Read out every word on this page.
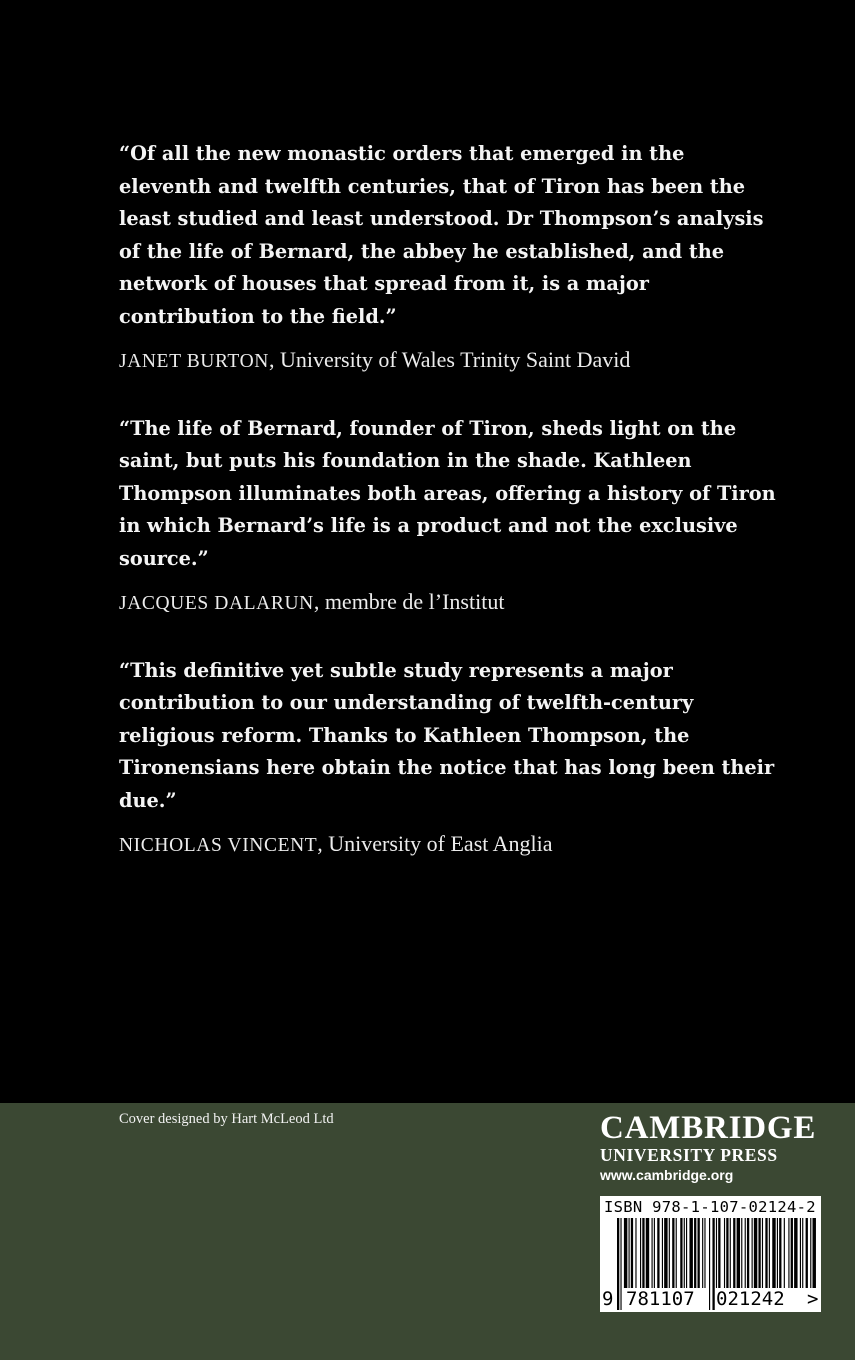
“Of all the new monastic orders that emerged in the eleventh and twelfth centuries, that of Tiron has been the least studied and least understood. Dr Thompson’s analysis of the life of Bernard, the abbey he established, and the network of houses that spread from it, is a major contribution to the field.”

JANET BURTON, University of Wales Trinity Saint David

“The life of Bernard, founder of Tiron, sheds light on the saint, but puts his foundation in the shade. Kathleen Thompson illuminates both areas, offering a history of Tiron in which Bernard’s life is a product and not the exclusive source.”

JACQUES DALARUN, membre de l’Institut

“This definitive yet subtle study represents a major contribution to our understanding of twelfth-century religious reform. Thanks to Kathleen Thompson, the Tironensians here obtain the notice that has long been their due.”

NICHOLAS VINCENT, University of East Anglia

Cover designed by Hart McLeod Ltd	CAMBRIDGE
UNIVERSITY PRESS
www.cambridge.org
ISBN 978-1-107-02124-2
9 781107 021242 >
